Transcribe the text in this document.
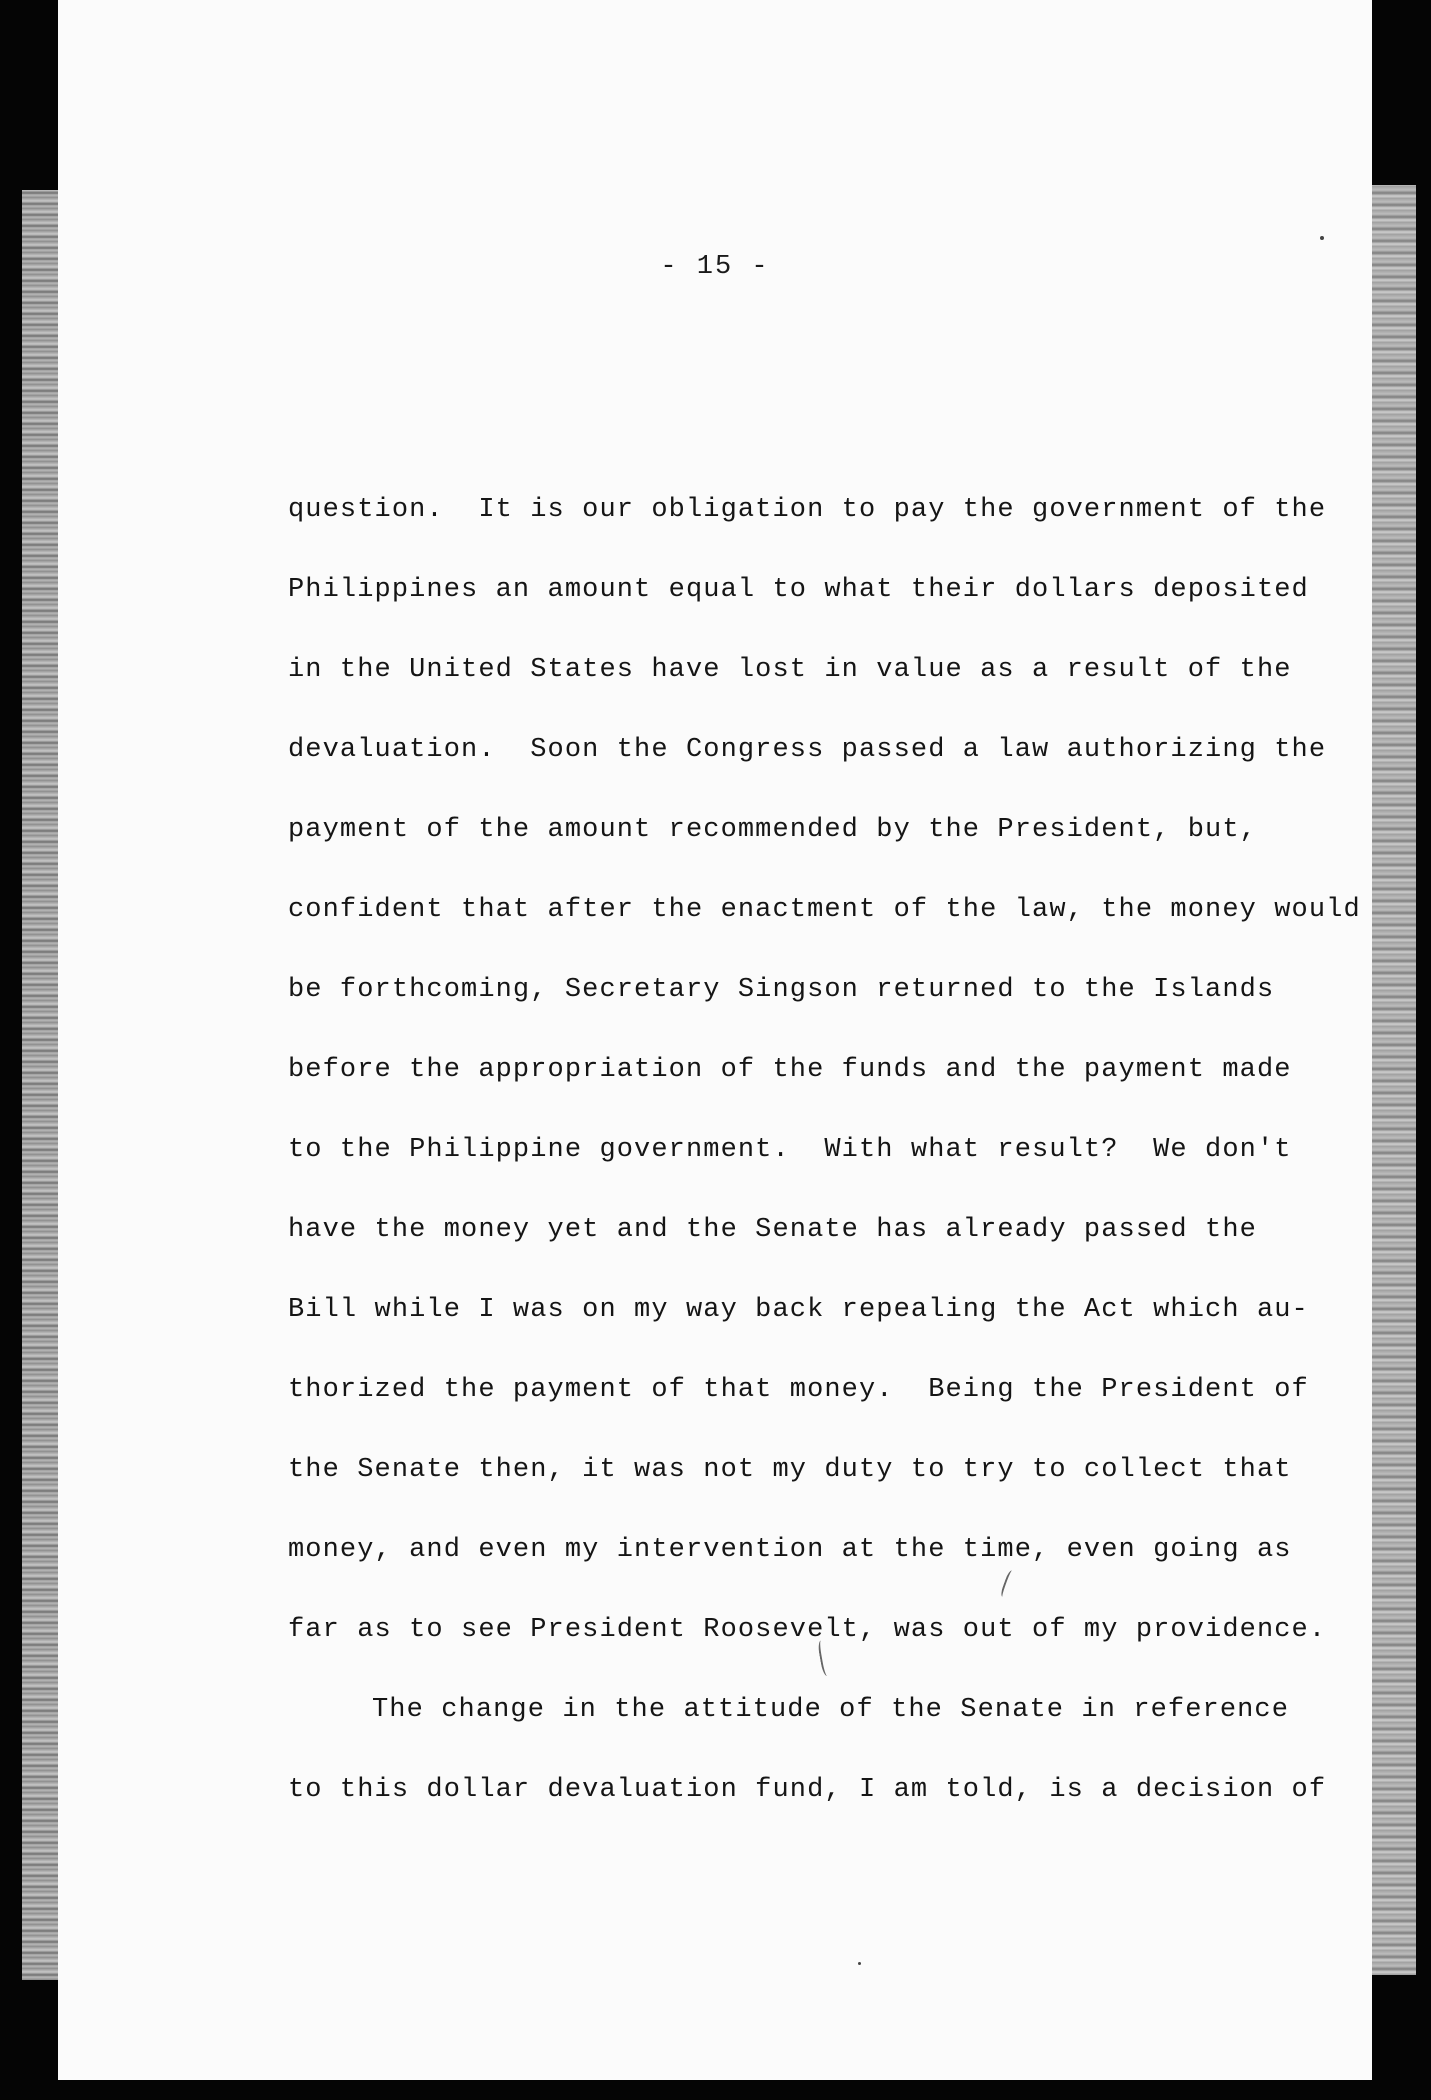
- 15 -
question.  It is our obligation to pay the government of the
Philippines an amount equal to what their dollars deposited
in the United States have lost in value as a result of the
devaluation.  Soon the Congress passed a law authorizing the
payment of the amount recommended by the President, but,
confident that after the enactment of the law, the money would
be forthcoming, Secretary Singson returned to the Islands
before the appropriation of the funds and the payment made
to the Philippine government.  With what result?  We don't
have the money yet and the Senate has already passed the
Bill while I was on my way back repealing the Act which au-
thorized the payment of that money.  Being the President of
the Senate then, it was not my duty to try to collect that
money, and even my intervention at the time, even going as
far as to see President Roosevelt, was out of my providence.
The change in the attitude of the Senate in reference
to this dollar devaluation fund, I am told, is a decision of
